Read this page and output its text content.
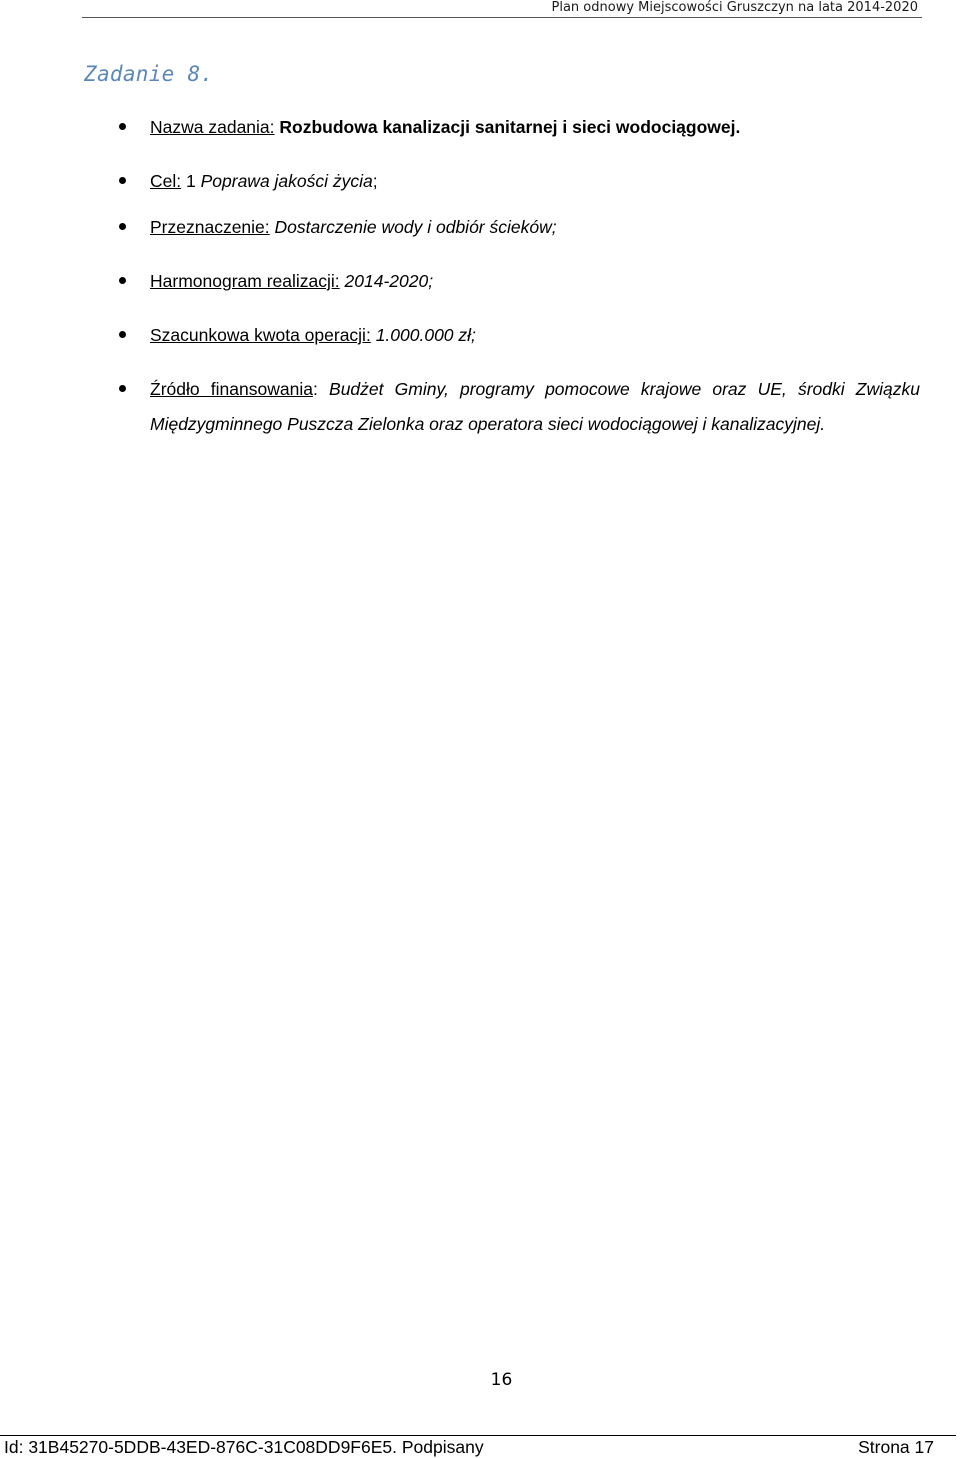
Plan odnowy Miejscowości Gruszczyn na lata 2014-2020
Zadanie 8.
Nazwa zadania: Rozbudowa kanalizacji sanitarnej i sieci wodociągowej.
Cel: 1 Poprawa jakości życia;
Przeznaczenie: Dostarczenie wody i odbiór ścieków;
Harmonogram realizacji: 2014-2020;
Szacunkowa kwota operacji: 1.000.000 zł;
Źródło finansowania: Budżet Gminy, programy pomocowe krajowe oraz UE, środki Związku Międzygminnego Puszcza Zielonka oraz operatora sieci wodociągowej i kanalizacyjnej.
16
Id: 31B45270-5DDB-43ED-876C-31C08DD9F6E5. Podpisany	Strona 17
